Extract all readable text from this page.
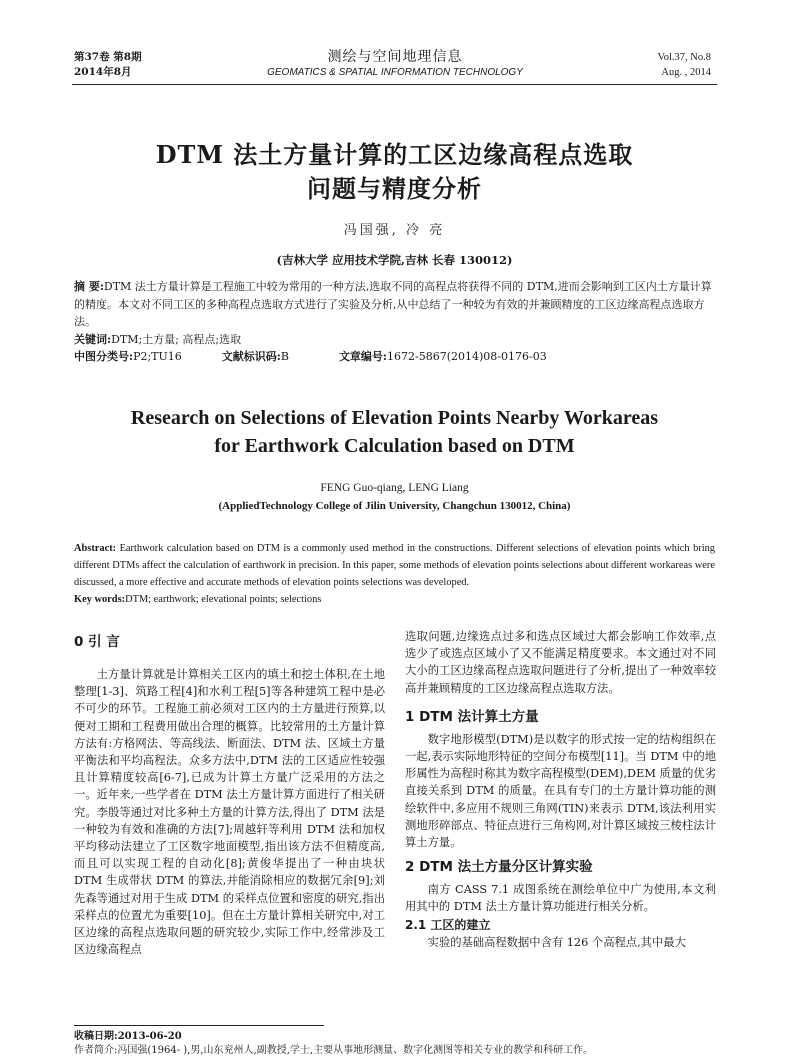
第37卷 第8期
2014年8月
测绘与空间地理信息
GEOMATICS & SPATIAL INFORMATION TECHNOLOGY
Vol.37, No.8
Aug. , 2014
DTM 法土方量计算的工区边缘高程点选取
问题与精度分析
冯国强, 冷 亮
(吉林大学 应用技术学院,吉林 长春 130012)
摘 要:DTM 法土方量计算是工程施工中较为常用的一种方法,选取不同的高程点将获得不同的 DTM,进而会影响到工区内土方量计算的精度。本文对不同工区的多种高程点选取方式进行了实验及分析,从中总结了一种较为有效的并兼顾精度的工区边缘高程点选取方法。
关键词:DTM;土方量; 高程点;选取
中图分类号:P2;TU16	文献标识码:B	文章编号:1672-5867(2014)08-0176-03
Research on Selections of Elevation Points Nearby Workareas
for Earthwork Calculation based on DTM
FENG Guo-qiang, LENG Liang
(AppliedTechnology College of Jilin University, Changchun 130012, China)
Abstract: Earthwork calculation based on DTM is a commonly used method in the constructions. Different selections of elevation points which bring different DTMs affect the calculation of earthwork in precision. In this paper, some methods of elevation points selections about different workareas were discussed, a more effective and accurate methods of elevation points selections was developed.
Key words:DTM; earthwork; elevational points; selections
0 引 言
土方量计算就是计算相关工区内的填土和挖土体积,在土地整理[1-3]、筑路工程[4]和水利工程[5]等各种建筑工程中是必不可少的环节。工程施工前必须对工区内的土方量进行预算,以便对工期和工程费用做出合理的概算。比较常用的土方量计算方法有:方格网法、等高线法、断面法、DTM 法、区域土方量平衡法和平均高程法。众多方法中,DTM 法的工区适应性较强且计算精度较高[6-7],已成为计算土方量广泛采用的方法之一。近年来,一些学者在 DTM 法土方量计算方面进行了相关研究。李殷等通过对比多种土方量的计算方法,得出了 DTM 法是一种较为有效和准确的方法[7];周越轩等利用 DTM 法和加权平均移动法建立了工区数字地面模型,指出该方法不但精度高,而且可以实现工程的自动化[8];黄俊华提出了一种由块状 DTM 生成带状 DTM 的算法,并能消除相应的数据冗余[9];刘先森等通过对用于生成 DTM 的采样点位置和密度的研究,指出采样点的位置尤为重要[10]。但在土方量计算相关研究中,对工区边缘的高程点选取问题的研究较少,实际工作中,经常涉及工区边缘高程点
选取问题,边缘选点过多和选点区域过大都会影响工作效率,点选少了或选点区域小了又不能满足精度要求。本文通过对不同大小的工区边缘高程点选取问题进行了分析,提出了一种效率较高并兼顾精度的工区边缘高程点选取方法。
1 DTM 法计算土方量
数字地形模型(DTM)是以数字的形式按一定的结构组织在一起,表示实际地形特征的空间分布模型[11]。当 DTM 中的地形属性为高程时称其为数字高程模型(DEM),DEM 质量的优劣直接关系到 DTM 的质量。在具有专门的土方量计算功能的测绘软件中,多应用不规则三角网(TIN)来表示 DTM,该法利用实测地形碎部点、特征点进行三角构网,对计算区域按三棱柱法计算土方量。
2 DTM 法土方量分区计算实验
南方 CASS 7.1 成图系统在测绘单位中广为使用,本文利用其中的 DTM 法土方量计算功能进行相关分析。
2.1 工区的建立
实验的基础高程数据中含有 126 个高程点,其中最大
收稿日期:2013-06-20
作者简介:冯国强(1964- ),男,山东兖州人,副教授,学士,主要从事地形测量、数字化测图等相关专业的教学和科研工作。
